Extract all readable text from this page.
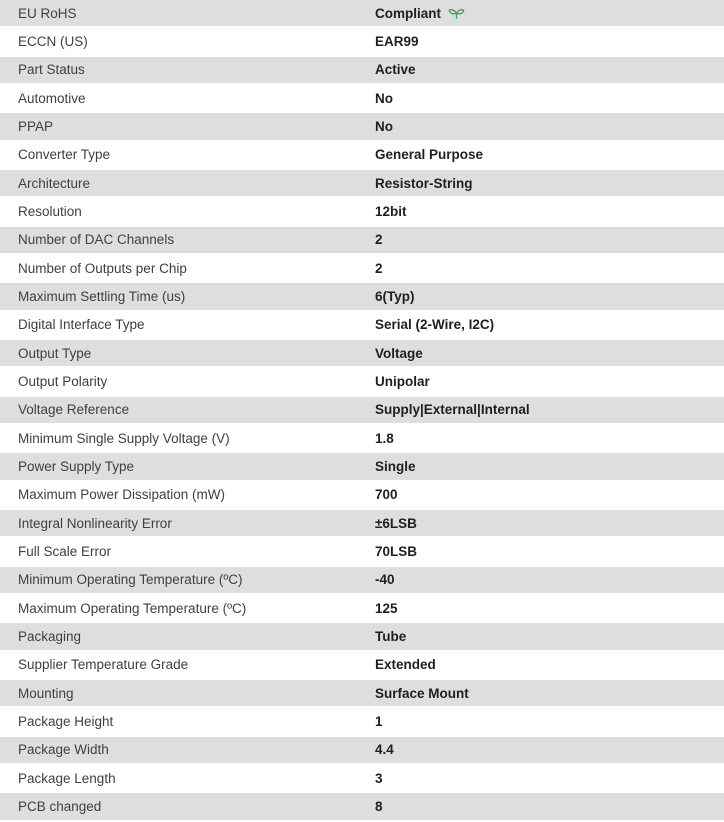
EU RoHS	Compliant
ECCN (US)	EAR99
Part Status	Active
Automotive	No
PPAP	No
Converter Type	General Purpose
Architecture	Resistor-String
Resolution	12bit
Number of DAC Channels	2
Number of Outputs per Chip	2
Maximum Settling Time (us)	6(Typ)
Digital Interface Type	Serial (2-Wire, I2C)
Output Type	Voltage
Output Polarity	Unipolar
Voltage Reference	Supply|External|Internal
Minimum Single Supply Voltage (V)	1.8
Power Supply Type	Single
Maximum Power Dissipation (mW)	700
Integral Nonlinearity Error	±6LSB
Full Scale Error	70LSB
Minimum Operating Temperature (ºC)	-40
Maximum Operating Temperature (ºC)	125
Packaging	Tube
Supplier Temperature Grade	Extended
Mounting	Surface Mount
Package Height	1
Package Width	4.4
Package Length	3
PCB changed	8
